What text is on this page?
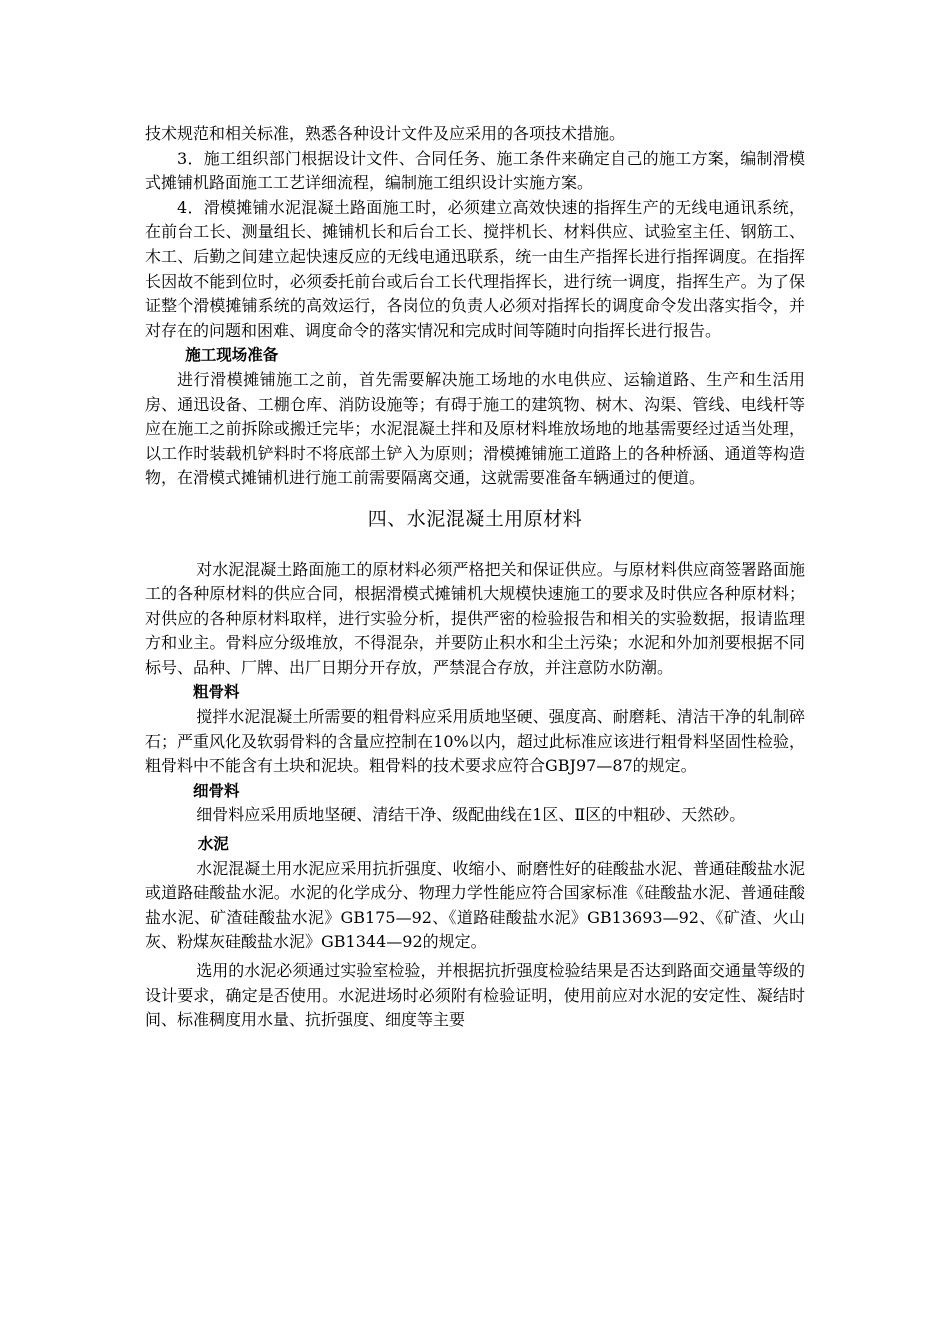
技术规范和相关标准，熟悉各种设计文件及应采用的各项技术措施。

3．施工组织部门根据设计文件、合同任务、施工条件来确定自己的施工方案，编制滑模式摊铺机路面施工工艺详细流程，编制施工组织设计实施方案。

4．滑模摊铺水泥混凝土路面施工时，必须建立高效快速的指挥生产的无线电通讯系统，在前台工长、测量组长、摊铺机长和后台工长、搅拌机长、材料供应、试验室主任、钢筋工、木工、后勤之间建立起快速反应的无线电通迅联系，统一由生产指挥长进行指挥调度。在指挥长因故不能到位时，必须委托前台或后台工长代理指挥长，进行统一调度，指挥生产。为了保证整个滑模摊铺系统的高效运行，各岗位的负责人必须对指挥长的调度命令发出落实指令，并对存在的问题和困难、调度命令的落实情况和完成时间等随时向指挥长进行报告。

施工现场准备

进行滑模摊铺施工之前，首先需要解决施工场地的水电供应、运输道路、生产和生活用房、通迅设备、工棚仓库、消防设施等；有碍于施工的建筑物、树木、沟渠、管线、电线杆等应在施工之前拆除或搬迁完毕；水泥混凝土拌和及原材料堆放场地的地基需要经过适当处理，以工作时装载机铲料时不将底部土铲入为原则；滑模摊铺施工道路上的各种桥涵、通道等构造物，在滑模式摊铺机进行施工前需要隔离交通，这就需要准备车辆通过的便道。

四、水泥混凝土用原材料

对水泥混凝土路面施工的原材料必须严格把关和保证供应。与原材料供应商签署路面施工的各种原材料的供应合同，根据滑模式摊铺机大规模快速施工的要求及时供应各种原材料；对供应的各种原材料取样，进行实验分析，提供严密的检验报告和相关的实验数据，报请监理方和业主。骨料应分级堆放，不得混杂，并要防止积水和尘土污染；水泥和外加剂要根据不同标号、品种、厂牌、出厂日期分开存放，严禁混合存放，并注意防水防潮。

粗骨料

搅拌水泥混凝土所需要的粗骨料应采用质地坚硬、强度高、耐磨耗、清洁干净的轧制碎石；严重风化及软弱骨料的含量应控制在10%以内，超过此标准应该进行粗骨料坚固性检验，粗骨料中不能含有土块和泥块。粗骨料的技术要求应符合GBJ97—87的规定。

细骨料

细骨料应采用质地坚硬、清结干净、级配曲线在1区、Ⅱ区的中粗砂、天然砂。

水泥

水泥混凝土用水泥应采用抗折强度、收缩小、耐磨性好的硅酸盐水泥、普通硅酸盐水泥或道路硅酸盐水泥。水泥的化学成分、物理力学性能应符合国家标准《硅酸盐水泥、普通硅酸盐水泥、矿渣硅酸盐水泥》GB175—92、《道路硅酸盐水泥》GB13693—92、《矿渣、火山灰、粉煤灰硅酸盐水泥》GB1344—92的规定。

选用的水泥必须通过实验室检验，并根据抗折强度检验结果是否达到路面交通量等级的设计要求，确定是否使用。水泥进场时必须附有检验证明，使用前应对水泥的安定性、凝结时间、标准稠度用水量、抗折强度、细度等主要
